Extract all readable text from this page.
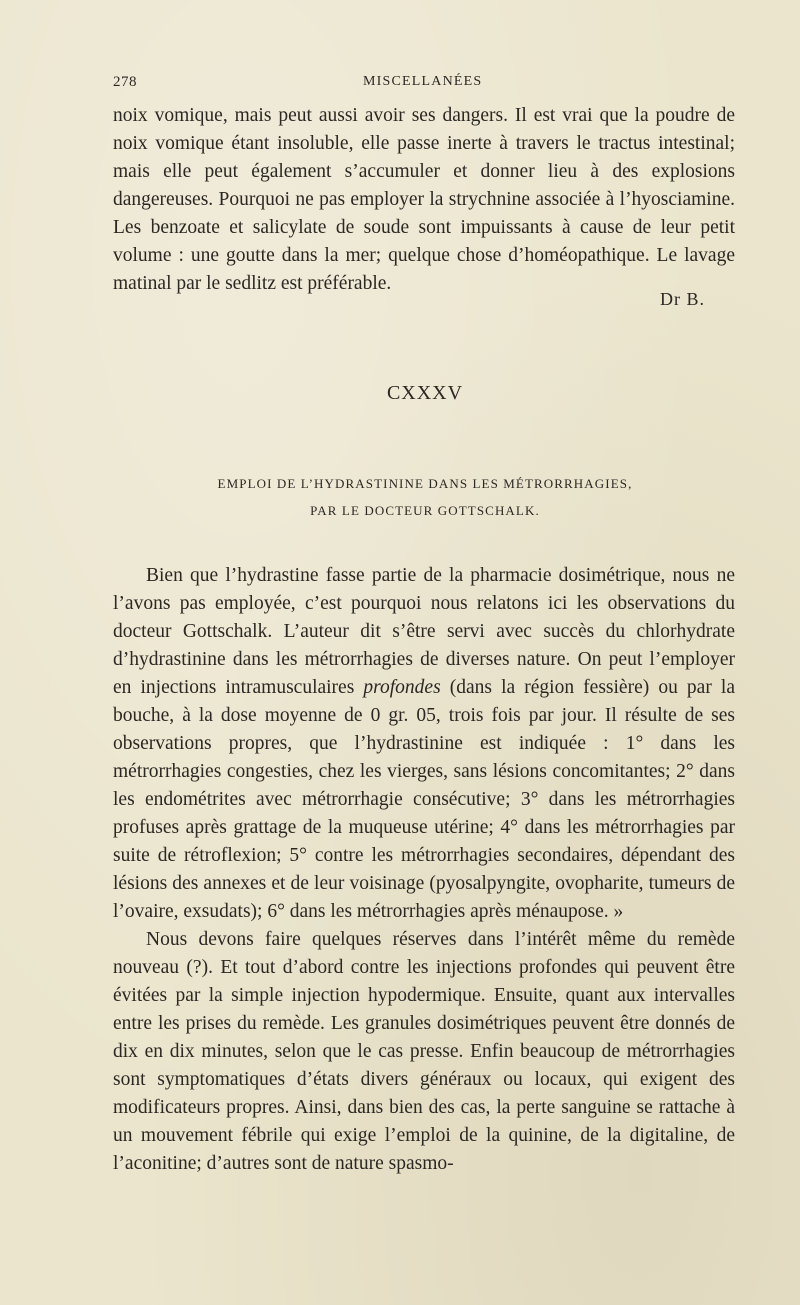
278	MISCELLANÉES

noix vomique, mais peut aussi avoir ses dangers. Il est vrai que la poudre de noix vomique étant insoluble, elle passe inerte à travers le tractus intestinal; mais elle peut également s’accumuler et donner lieu à des explosions dangereuses. Pourquoi ne pas employer la strychnine associée à l’hyosciamine. Les benzoate et salicylate de soude sont impuissants à cause de leur petit volume : une goutte dans la mer; quelque chose d’homéopathique. Le lavage matinal par le sedlitz est préférable.

Dr B.
CXXXV
EMPLOI DE L’HYDRASTININE DANS LES MÉTRORRHAGIES,
PAR LE DOCTEUR GOTTSCHALK.

Bien que l’hydrastine fasse partie de la pharmacie dosimétrique, nous ne l’avons pas employée, c’est pourquoi nous relatons ici les observations du docteur Gottschalk. L’auteur dit s’être servi avec succès du chlorhydrate d’hydrastinine dans les métrorrhagies de diverses nature. On peut l’employer en injections intramusculaires profondes (dans la région fessière) ou par la bouche, à la dose moyenne de 0 gr. 05, trois fois par jour. Il résulte de ses observations propres, que l’hydrastinine est indiquée : 1° dans les métrorrhagies congesties, chez les vierges, sans lésions concomitantes; 2° dans les endométrites avec métrorrhagie consécutive; 3° dans les métrorrhagies profuses après grattage de la muqueuse utérine; 4° dans les métrorrhagies par suite de rétroflexion; 5° contre les métrorrhagies secondaires, dépendant des lésions des annexes et de leur voisinage (pyosalpyngite, ovopharite, tumeurs de l’ovaire, exsudats); 6° dans les métrorrhagies après ménaupose. »

Nous devons faire quelques réserves dans l’intérêt même du remède nouveau (?). Et tout d’abord contre les injections profondes qui peuvent être évitées par la simple injection hypodermique. Ensuite, quant aux intervalles entre les prises du remède. Les granules dosimétriques peuvent être donnés de dix en dix minutes, selon que le cas presse. Enfin beaucoup de métrorrhagies sont symptomatiques d’états divers généraux ou locaux, qui exigent des modificateurs propres. Ainsi, dans bien des cas, la perte sanguine se rattache à un mouvement fébrile qui exige l’emploi de la quinine, de la digitaline, de l’aconitine; d’autres sont de nature spasmo-
